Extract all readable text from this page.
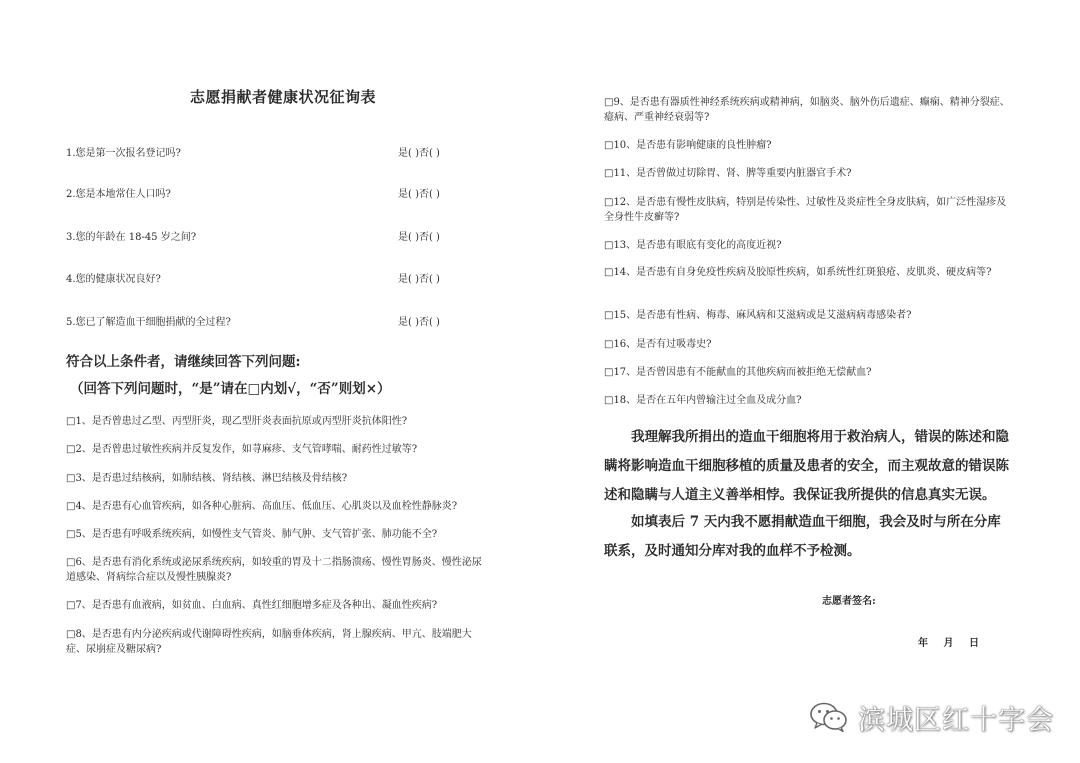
志愿捐献者健康状况征询表
1.您是第一次报名登记吗?	是( )否( )
2.您是本地常住人口吗?	是( )否( )
3.您的年龄在 18-45 岁之间?	是( )否( )
4.您的健康状况良好?	是( )否( )
5.您已了解造血干细胞捐献的全过程?	是( )否( )
符合以上条件者，请继续回答下列问题:
（回答下列问题时，“是”请在□内划√，“否”则划×）
□1、是否曾患过乙型、丙型肝炎，现乙型肝炎表面抗原或丙型肝炎抗体阳性?
□2、是否曾患过敏性疾病并反复发作，如荨麻疹、支气管哮喘、耐药性过敏等?
□3、是否患过结核病，如肺结核、肾结核、淋巴结核及骨结核?
□4、是否患有心血管疾病，如各种心脏病、高血压、低血压、心肌炎以及血栓性静脉炎?
□5、是否患有呼吸系统疾病，如慢性支气管炎、肺气肿、支气管扩张、肺功能不全?
□6、是否患有消化系统或泌尿系统疾病，如较重的胃及十二指肠溃疡、慢性胃肠炎、慢性泌尿道感染、肾病综合症以及慢性胰腺炎?
□7、是否患有血液病，如贫血、白血病、真性红细胞增多症及各种出、凝血性疾病?
□8、是否患有内分泌疾病或代谢障碍性疾病，如脑垂体疾病，肾上腺疾病、甲亢、肢端肥大症、尿崩症及糖尿病?
□9、是否患有器质性神经系统疾病或精神病，如脑炎、脑外伤后遗症、癫痫、精神分裂症、癔病、严重神经衰弱等?
□10、是否患有影响健康的良性肿瘤?
□11、是否曾做过切除胃、肾、脾等重要内脏器官手术?
□12、是否患有慢性皮肤病，特别是传染性、过敏性及炎症性全身皮肤病，如广泛性湿疹及全身性牛皮癣等?
□13、是否患有眼底有变化的高度近视?
□14、是否患有自身免疫性疾病及胶原性疾病，如系统性红斑狼疮、皮肌炎、硬皮病等?
□15、是否患有性病、梅毒、麻风病和艾滋病或是艾滋病病毒感染者?
□16、是否有过吸毒史?
□17、是否曾因患有不能献血的其他疾病而被拒绝无偿献血?
□18、是否在五年内曾输注过全血及成分血?
我理解我所捐出的造血干细胞将用于救治病人，错误的陈述和隐瞒将影响造血干细胞移植的质量及患者的安全，而主观故意的错误陈述和隐瞒与人道主义善举相悖。我保证我所提供的信息真实无误。
如填表后 7 天内我不愿捐献造血干细胞，我会及时与所在分库联系，及时通知分库对我的血样不予检测。
志愿者签名:
年 月 日
滨城区红十字会
